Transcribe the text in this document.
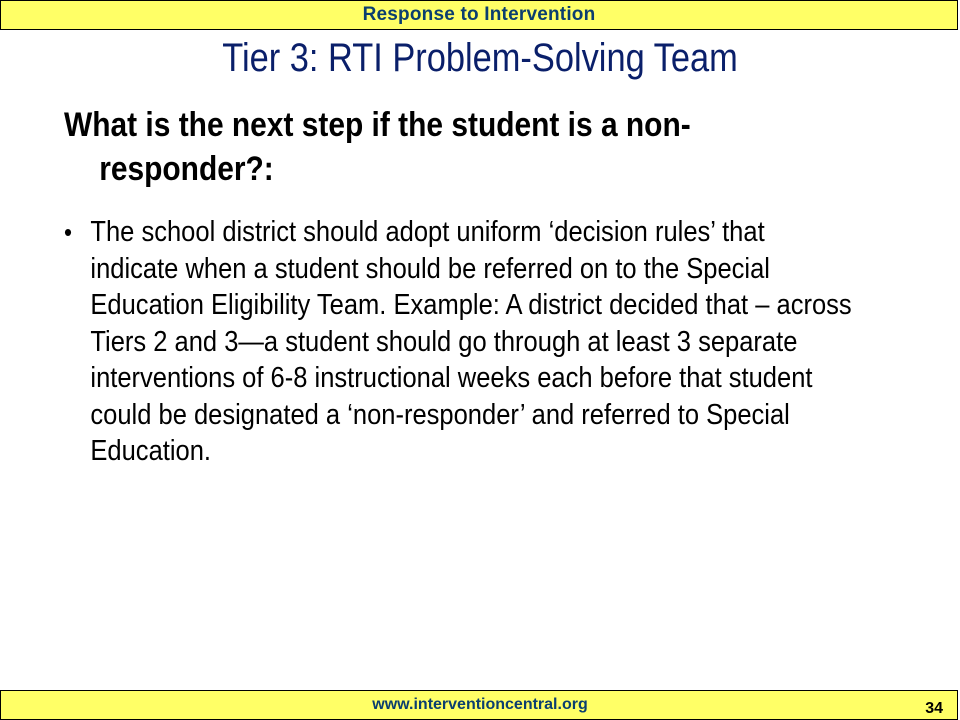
Response to Intervention
Tier 3: RTI Problem-Solving Team
What is the next step if the student is a non-responder?:
• The school district should adopt uniform ‘decision rules’ that indicate when a student should be referred on to the Special Education Eligibility Team. Example: A district decided that – across Tiers 2 and 3—a student should go through at least 3 separate interventions of 6-8 instructional weeks each before that student could be designated a ‘non-responder’ and referred to Special Education.
www.interventioncentral.org	34
